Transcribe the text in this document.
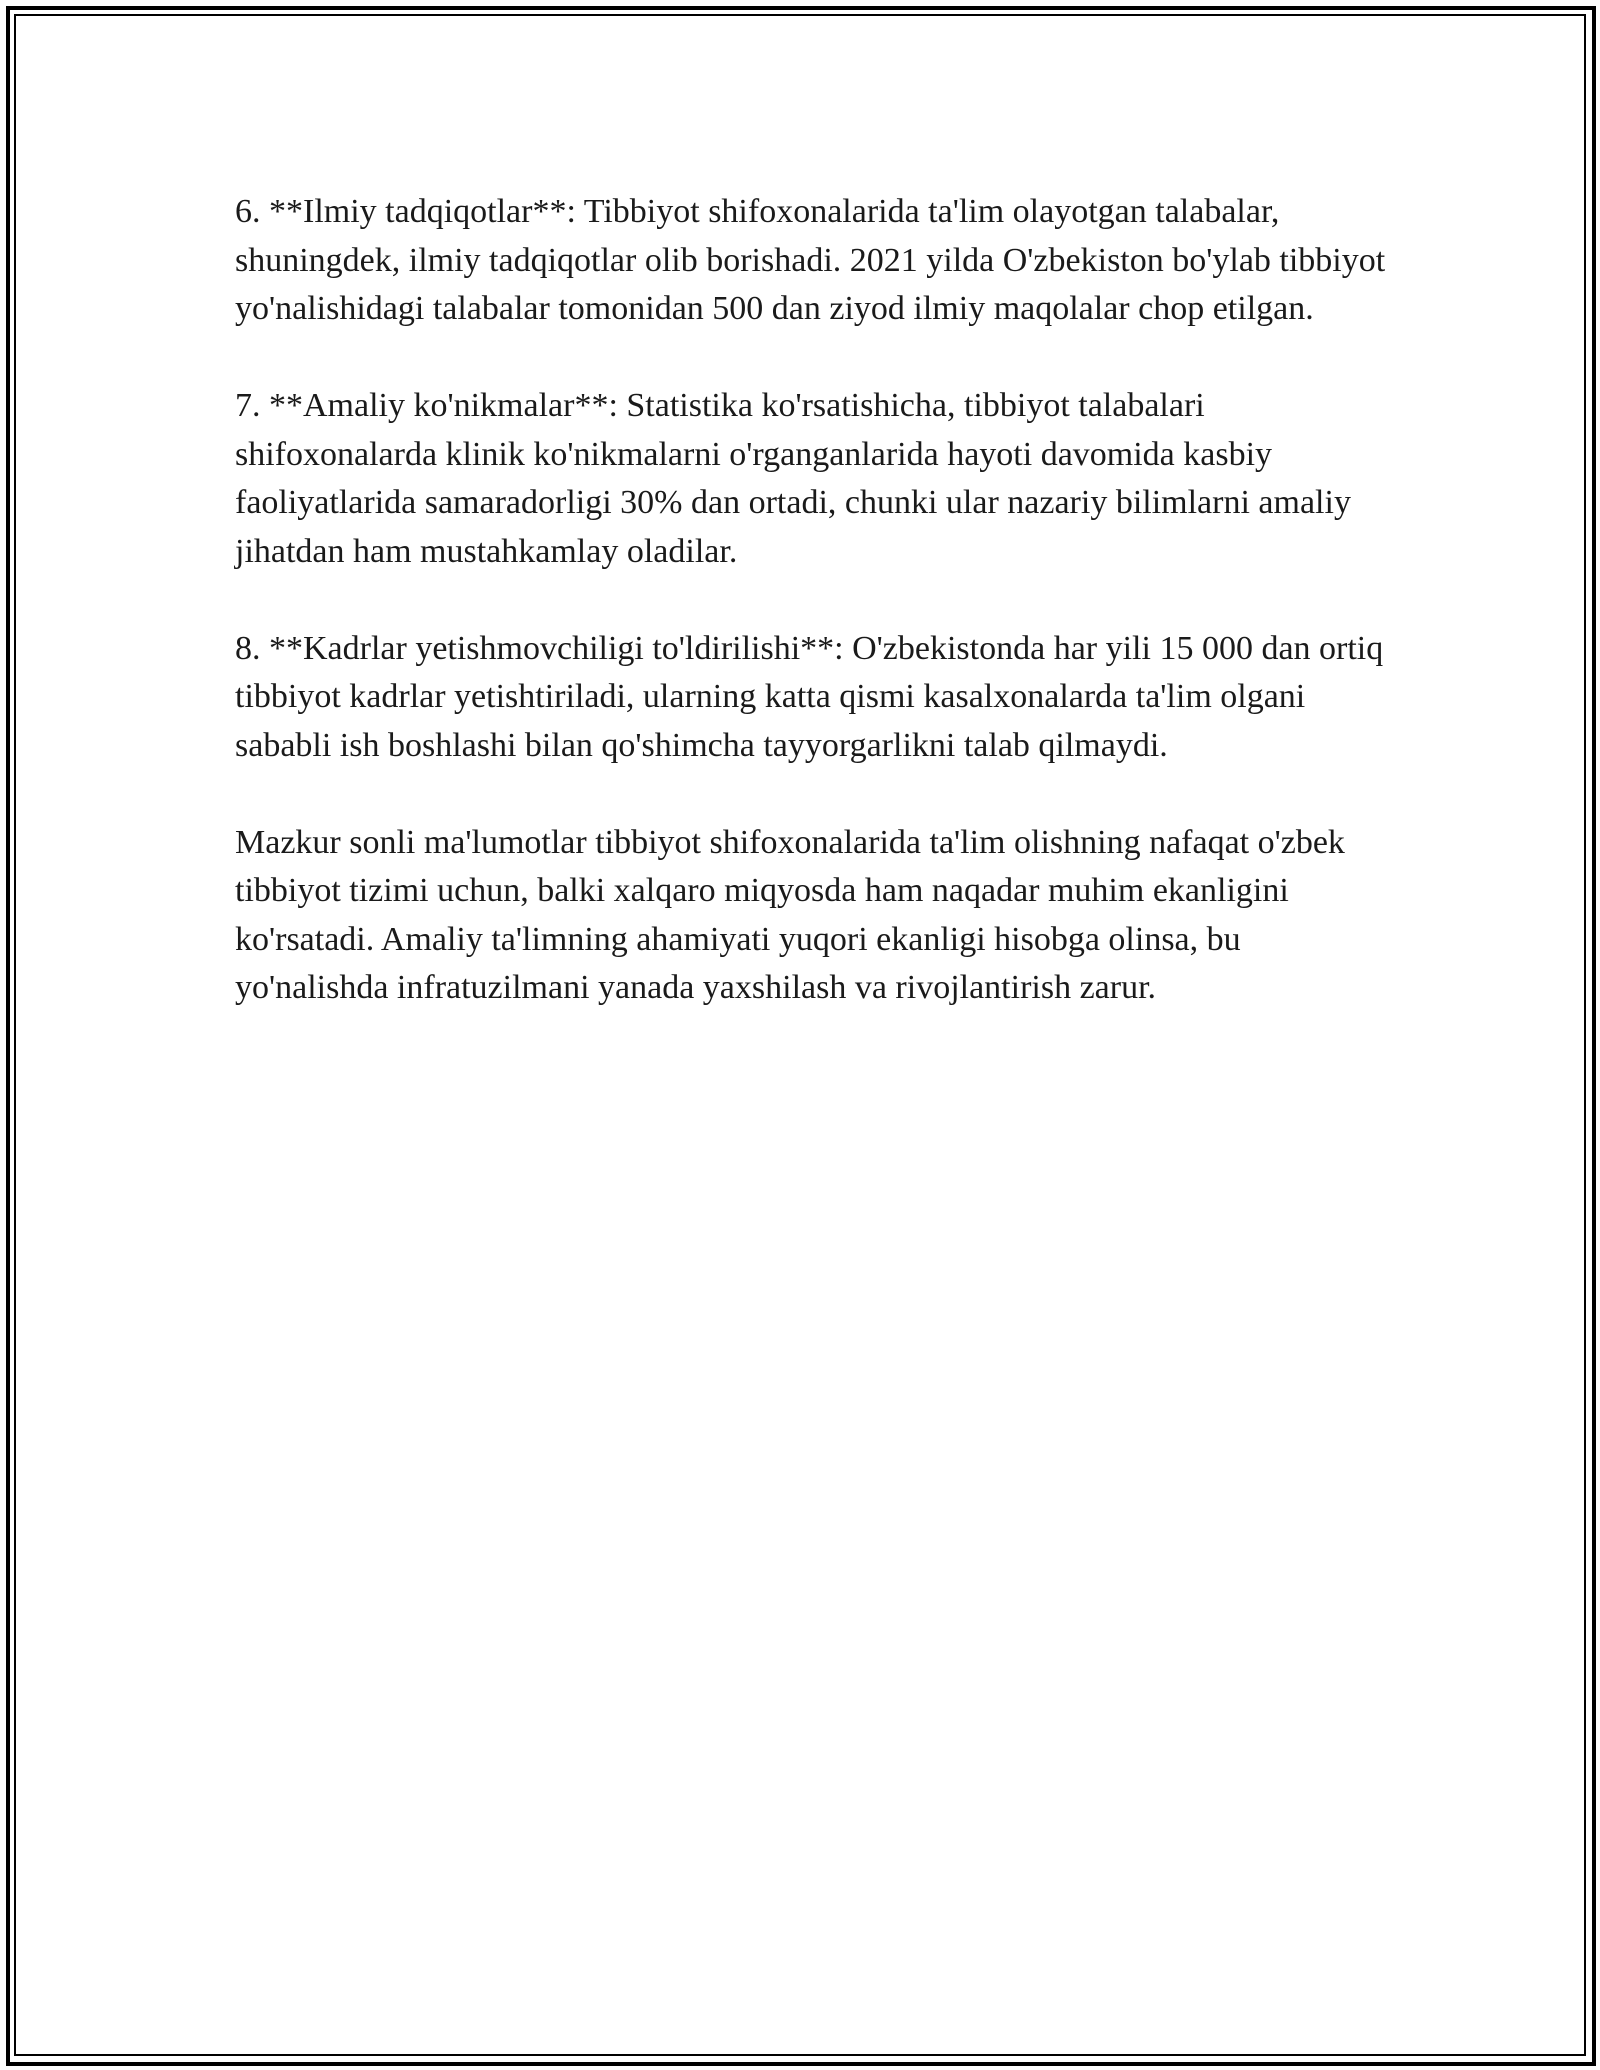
6. **Ilmiy tadqiqotlar**: Tibbiyot shifoxonalarida ta'lim olayotgan talabalar, shuningdek, ilmiy tadqiqotlar olib borishadi. 2021 yilda O'zbekiston bo'ylab tibbiyot yo'nalishidagi talabalar tomonidan 500 dan ziyod ilmiy maqolalar chop etilgan.

7. **Amaliy ko'nikmalar**: Statistika ko'rsatishicha, tibbiyot talabalari shifoxonalarda klinik ko'nikmalarni o'rganganlarida hayoti davomida kasbiy faoliyatlarida samaradorligi 30% dan ortadi, chunki ular nazariy bilimlarni amaliy jihatdan ham mustahkamlay oladilar.

8. **Kadrlar yetishmovchiligi to'ldirilishi**: O'zbekistonda har yili 15 000 dan ortiq tibbiyot kadrlar yetishtiriladi, ularning katta qismi kasalxonalarda ta'lim olgani sababli ish boshlashi bilan qo'shimcha tayyorgarlikni talab qilmaydi.

Mazkur sonli ma'lumotlar tibbiyot shifoxonalarida ta'lim olishning nafaqat o'zbek tibbiyot tizimi uchun, balki xalqaro miqyosda ham naqadar muhim ekanligini ko'rsatadi. Amaliy ta'limning ahamiyati yuqori ekanligi hisobga olinsa, bu yo'nalishda infratuzilmani yanada yaxshilash va rivojlantirish zarur.
